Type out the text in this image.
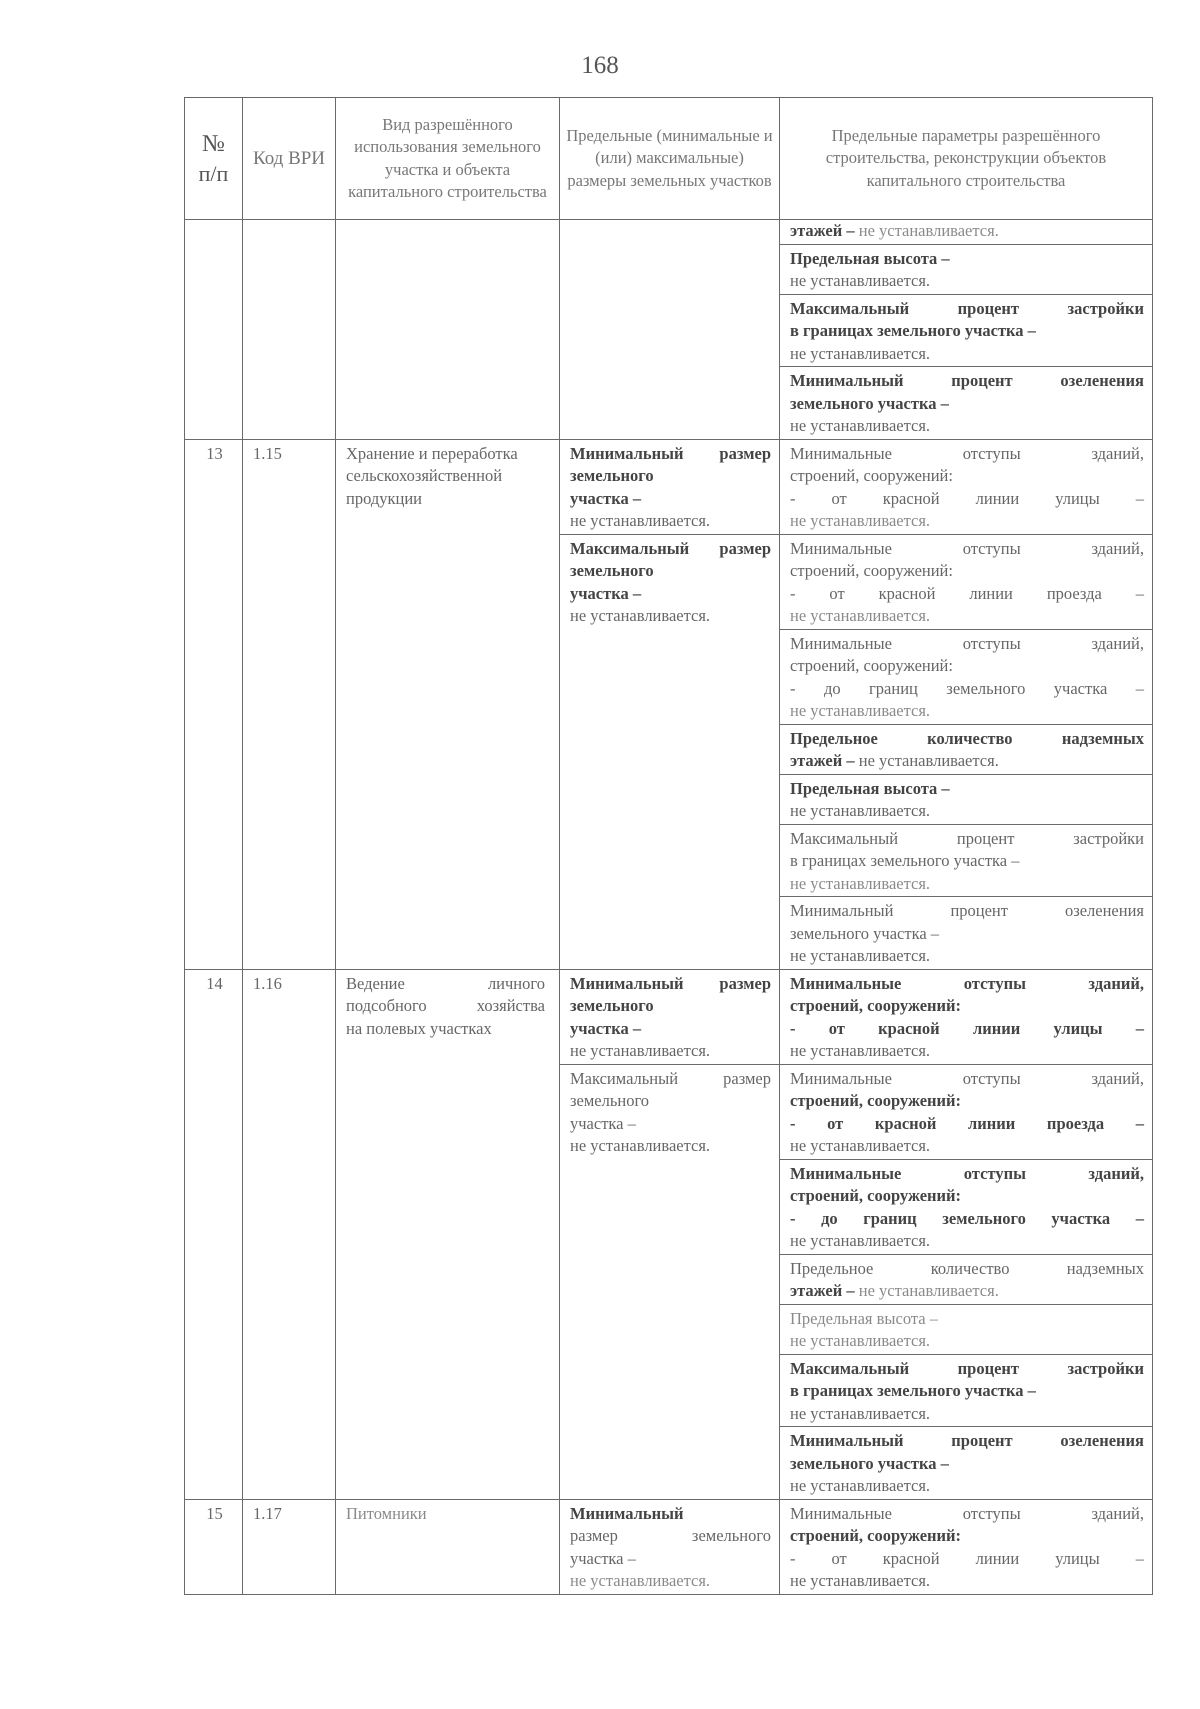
168
№
п/п	Код ВРИ	Вид разрешённого использования земельного участка и объекта капитального строительства	Предельные (минимальные и (или) максимальные) размеры земельных участков	Предельные параметры разрешённого строительства, реконструкции объектов капитального строительства
				этажей – не устанавливается.

				Предельная высота –
не устанавливается.

				Максимальный процент застройки
в границах земельного участка –
не устанавливается.

				Минимальный процент озеленения
земельного участка –
не устанавливается.

13	1.15	Хранение и переработка сельскохозяйственной продукции	Минимальный размер земельного
участка –
не устанавливается.	Минимальные отступы зданий,
строений, сооружений:
- от красной линии улицы –
не устанавливается.

			Максимальный размер земельного
участка –
не устанавливается.	Минимальные отступы зданий,
строений, сооружений:
- от красной линии проезда –
не устанавливается.

				Минимальные отступы зданий,
строений, сооружений:
- до границ земельного участка –
не устанавливается.

				Предельное количество надземных
этажей – не устанавливается.

				Предельная высота –
не устанавливается.

				Максимальный процент застройки
в границах земельного участка –
не устанавливается.

				Минимальный процент озеленения
земельного участка –
не устанавливается.

14	1.16	Ведение личного
подсобного хозяйства
на полевых участках	Минимальный размер земельного
участка –
не устанавливается.	Минимальные отступы зданий,
строений, сооружений:
- от красной линии улицы –
не устанавливается.

			Максимальный размер земельного
участка –
не устанавливается.	Минимальные отступы зданий,
строений, сооружений:
- от красной линии проезда –
не устанавливается.

				Минимальные отступы зданий,
строений, сооружений:
- до границ земельного участка –
не устанавливается.

				Предельное количество надземных
этажей – не устанавливается.

				Предельная высота –
не устанавливается.

				Максимальный процент застройки
в границах земельного участка –
не устанавливается.

				Минимальный процент озеленения
земельного участка –
не устанавливается.

15	1.17	Питомники	Минимальный
размер земельного
участка –
не устанавливается.	Минимальные отступы зданий,
строений, сооружений:
- от красной линии улицы –
не устанавливается.
